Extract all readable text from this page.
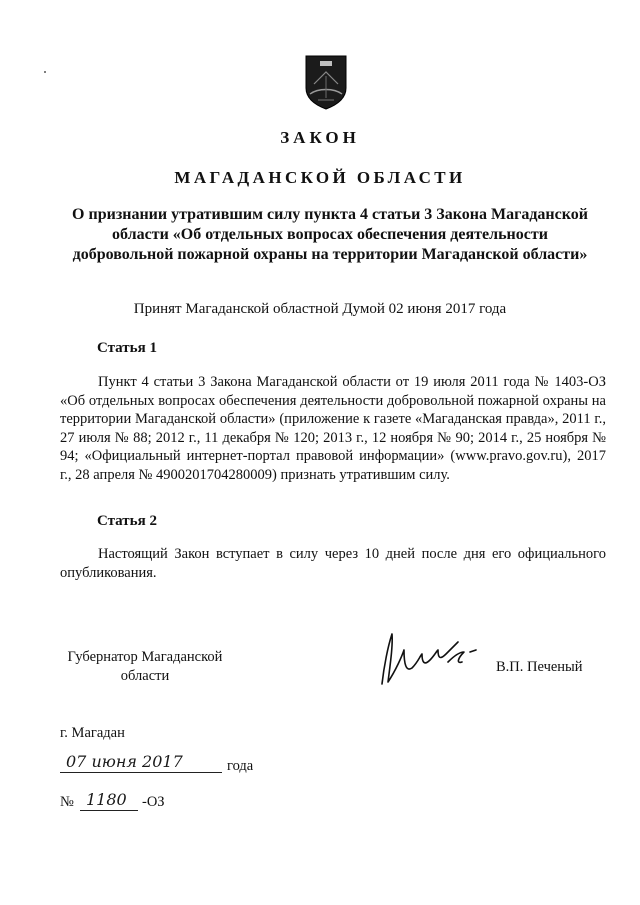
ЗАКОН
МАГАДАНСКОЙ ОБЛАСТИ
О признании утратившим силу пункта 4 статьи 3 Закона Магаданской области «Об отдельных вопросах обеспечения деятельности добровольной пожарной охраны на территории Магаданской области»
Принят Магаданской областной Думой 02 июня 2017 года
Статья 1
Пункт 4 статьи 3 Закона Магаданской области от 19 июля 2011 года № 1403-ОЗ «Об отдельных вопросах обеспечения деятельности добровольной пожарной охраны на территории Магаданской области» (приложение к газете «Магаданская правда», 2011 г., 27 июля № 88; 2012 г., 11 декабря № 120; 2013 г., 12 ноября № 90; 2014 г., 25 ноября № 94; «Официальный интернет-портал правовой информации» (www.pravo.gov.ru), 2017 г., 28 апреля № 4900201704280009) признать утратившим силу.
Статья 2
Настоящий Закон вступает в силу через 10 дней после дня его официального опубликования.
Губернатор Магаданской области
В.П. Печеный
г. Магадан
07 июня 2017	года
№ 1180 -ОЗ
